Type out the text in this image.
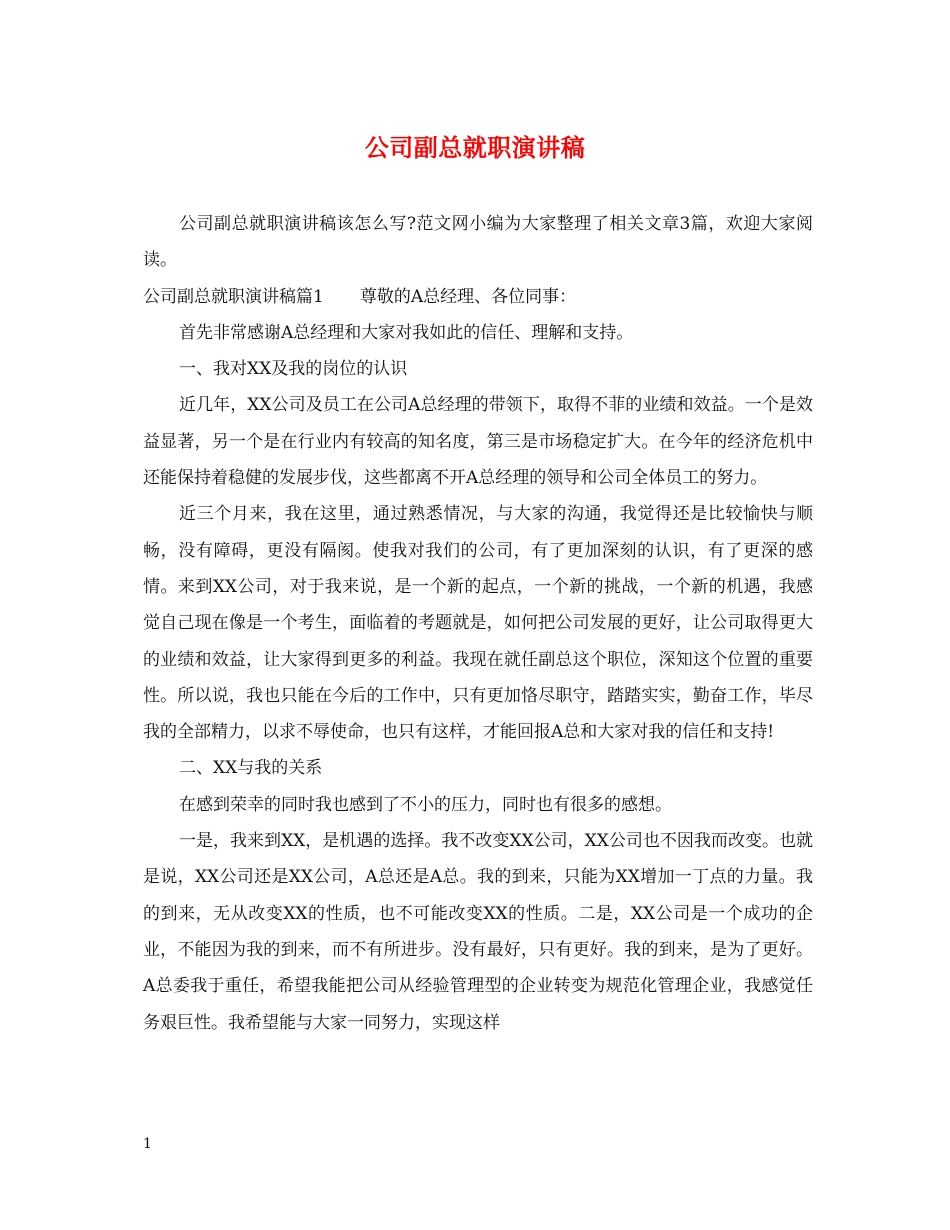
公司副总就职演讲稿

公司副总就职演讲稿该怎么写?范文网小编为大家整理了相关文章3篇，欢迎大家阅读。

公司副总就职演讲稿篇1 尊敬的A总经理、各位同事：

首先非常感谢A总经理和大家对我如此的信任、理解和支持。

一、我对XX及我的岗位的认识

近几年，XX公司及员工在公司A总经理的带领下，取得不菲的业绩和效益。一个是效益显著，另一个是在行业内有较高的知名度，第三是市场稳定扩大。在今年的经济危机中还能保持着稳健的发展步伐，这些都离不开A总经理的领导和公司全体员工的努力。

近三个月来，我在这里，通过熟悉情况，与大家的沟通，我觉得还是比较愉快与顺畅，没有障碍，更没有隔阂。使我对我们的公司，有了更加深刻的认识，有了更深的感情。来到XX公司，对于我来说，是一个新的起点，一个新的挑战，一个新的机遇，我感觉自己现在像是一个考生，面临着的考题就是，如何把公司发展的更好，让公司取得更大的业绩和效益，让大家得到更多的利益。我现在就任副总这个职位，深知这个位置的重要性。所以说，我也只能在今后的工作中，只有更加恪尽职守，踏踏实实，勤奋工作，毕尽我的全部精力，以求不辱使命，也只有这样，才能回报A总和大家对我的信任和支持!

二、XX与我的关系

在感到荣幸的同时我也感到了不小的压力，同时也有很多的感想。

一是，我来到XX，是机遇的选择。我不改变XX公司，XX公司也不因我而改变。也就是说，XX公司还是XX公司，A总还是A总。我的到来，只能为XX增加一丁点的力量。我的到来，无从改变XX的性质，也不可能改变XX的性质。二是，XX公司是一个成功的企业，不能因为我的到来，而不有所进步。没有最好，只有更好。我的到来，是为了更好。A总委我于重任，希望我能把公司从经验管理型的企业转变为规范化管理企业，我感觉任务艰巨性。我希望能与大家一同努力，实现这样

1
